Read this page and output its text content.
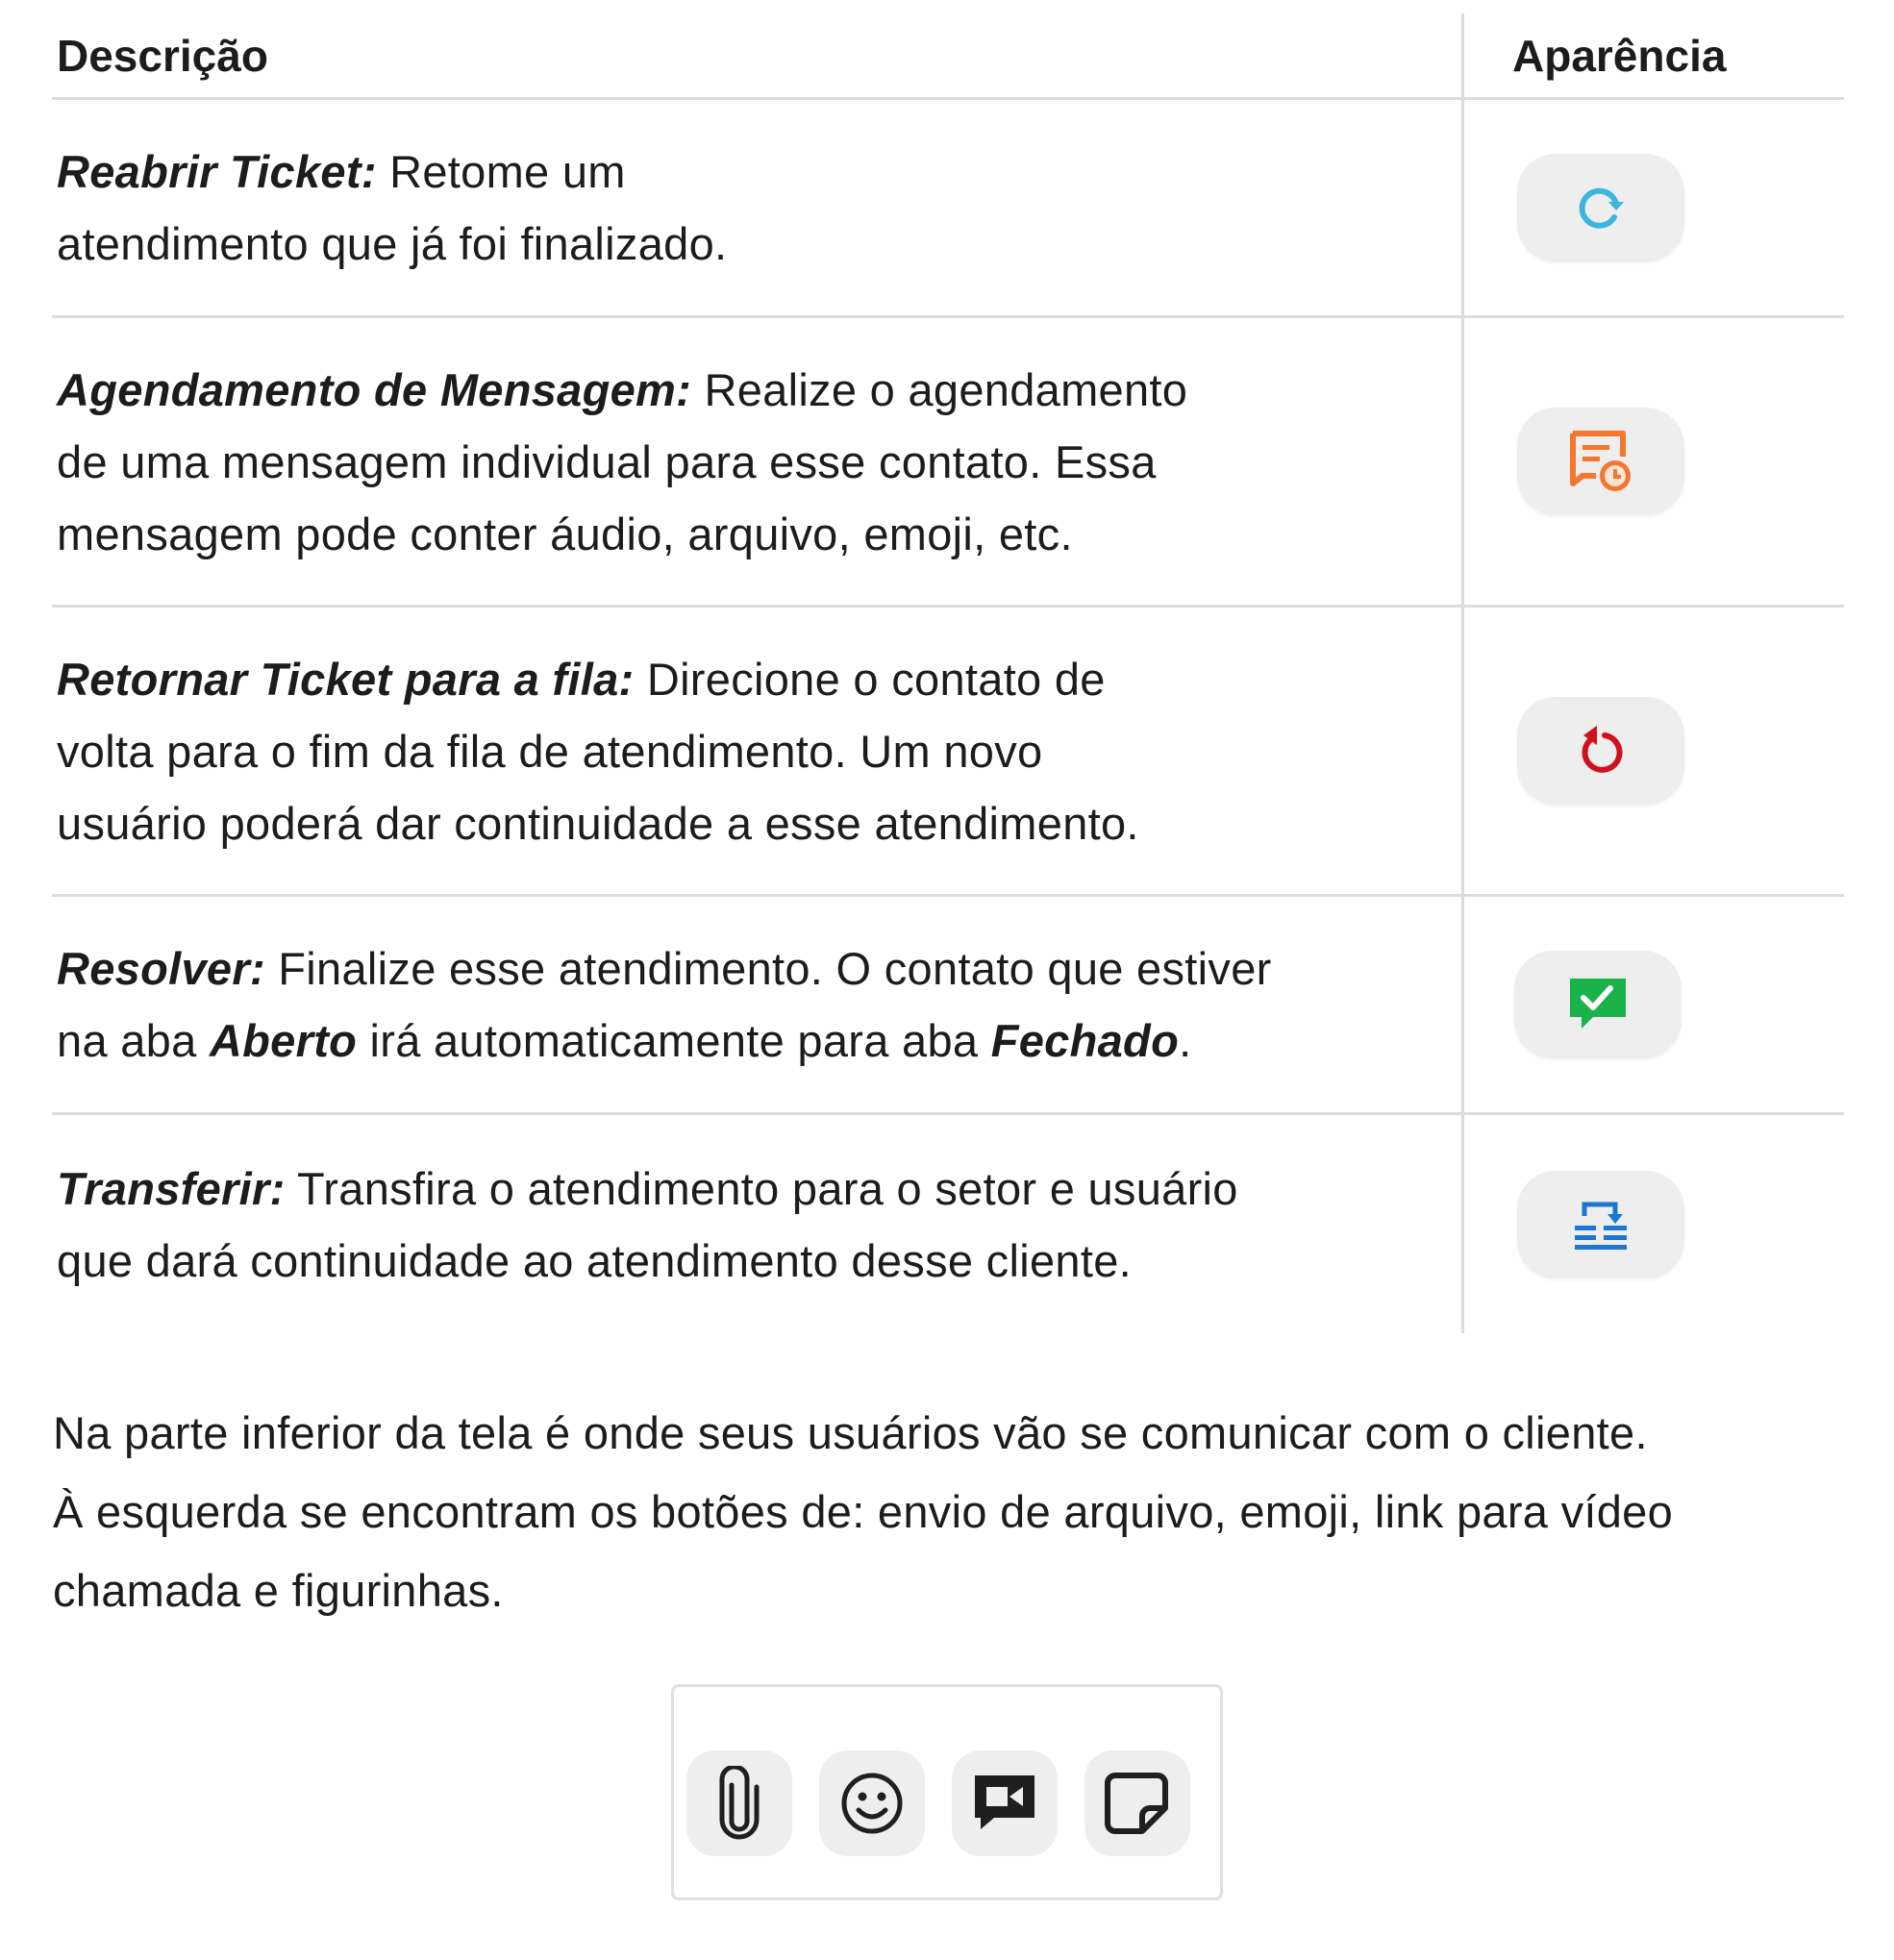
Descrição	Aparência
Reabrir Ticket: Retome um
atendimento que já foi finalizado.
Agendamento de Mensagem: Realize o agendamento
de uma mensagem individual para esse contato. Essa
mensagem pode conter áudio, arquivo, emoji, etc.
Retornar Ticket para a fila: Direcione o contato de
volta para o fim da fila de atendimento. Um novo
usuário poderá dar continuidade a esse atendimento.
Resolver: Finalize esse atendimento. O contato que estiver
na aba Aberto irá automaticamente para aba Fechado.
Transferir: Transfira o atendimento para o setor e usuário
que dará continuidade ao atendimento desse cliente.
Na parte inferior da tela é onde seus usuários vão se comunicar com o cliente.
À esquerda se encontram os botões de: envio de arquivo, emoji, link para vídeo
chamada e figurinhas.
